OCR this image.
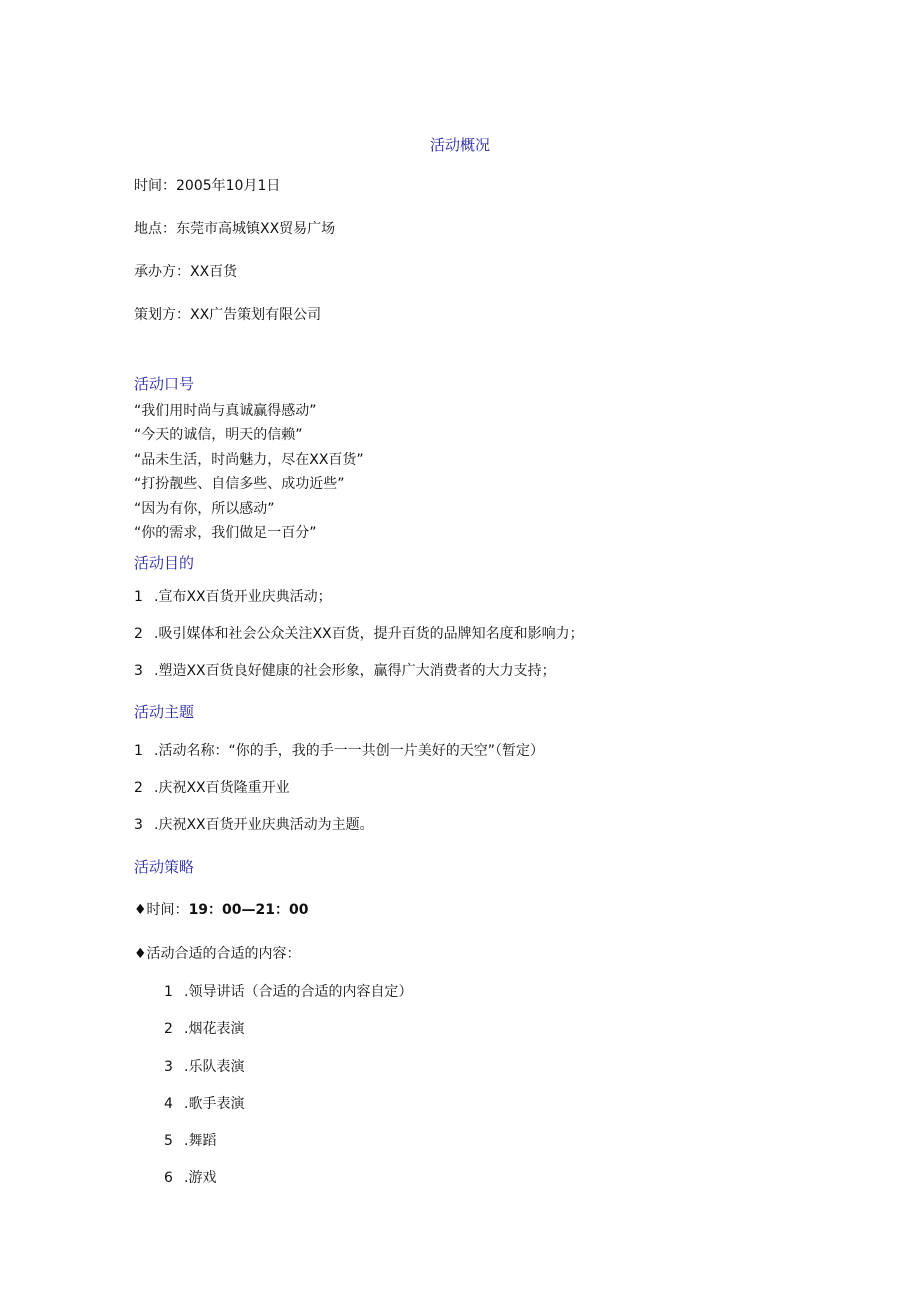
活动概况
时间：2005年10月1日
地点：东莞市高城镇XX贸易广场
承办方：XX百货
策划方：XX广告策划有限公司
活动口号
“我们用时尚与真诚赢得感动”
“今天的诚信，明天的信赖”
“品未生活，时尚魅力，尽在XX百货”
“打扮靓些、自信多些、成功近些”
“因为有你，所以感动”
“你的需求，我们做足一百分”
活动目的
1 .宣布XX百货开业庆典活动；
2 .吸引媒体和社会公众关注XX百货，提升百货的品牌知名度和影响力；
3 .塑造XX百货良好健康的社会形象，赢得广大消费者的大力支持；
活动主题
1 .活动名称：“你的手，我的手一一共创一片美好的天空”（暂定）
2 .庆祝XX百货隆重开业
3 .庆祝XX百货开业庆典活动为主题。
活动策略
♦时间：19：00—21：00
♦活动合适的合适的内容：
1 .领导讲话（合适的合适的内容自定）
2 .烟花表演
3 .乐队表演
4 .歌手表演
5 .舞蹈
6 .游戏
